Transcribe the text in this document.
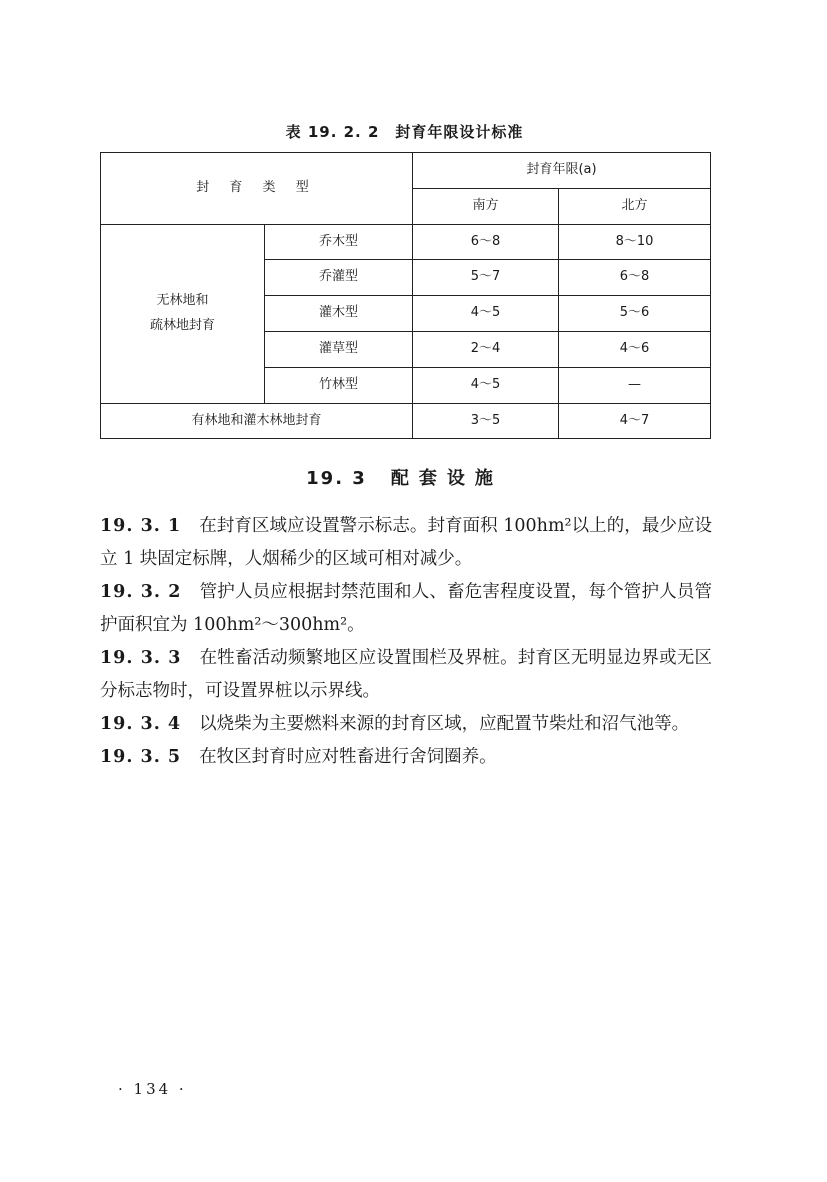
表 19. 2. 2　封育年限设计标准
封 育 类 型		封育年限(a)	
		南方	北方

无林地和
疏林地封育	乔木型	6～8	8～10
	乔灌型	5～7	6～8
	灌木型	4～5	5～6
	灌草型	2～4	4～6
	竹林型	4～5	—
有林地和灌木林地封育		3～5	4～7
19. 3 配套设施

19. 3. 1 在封育区域应设置警示标志。封育面积 100hm²以上的，最少应设立 1 块固定标牌，人烟稀少的区域可相对减少。

19. 3. 2 管护人员应根据封禁范围和人、畜危害程度设置，每个管护人员管护面积宜为 100hm²～300hm²。

19. 3. 3 在牲畜活动频繁地区应设置围栏及界桩。封育区无明显边界或无区分标志物时，可设置界桩以示界线。

19. 3. 4 以烧柴为主要燃料来源的封育区域，应配置节柴灶和沼气池等。

19. 3. 5 在牧区封育时应对牲畜进行舍饲圈养。

· 134 ·
